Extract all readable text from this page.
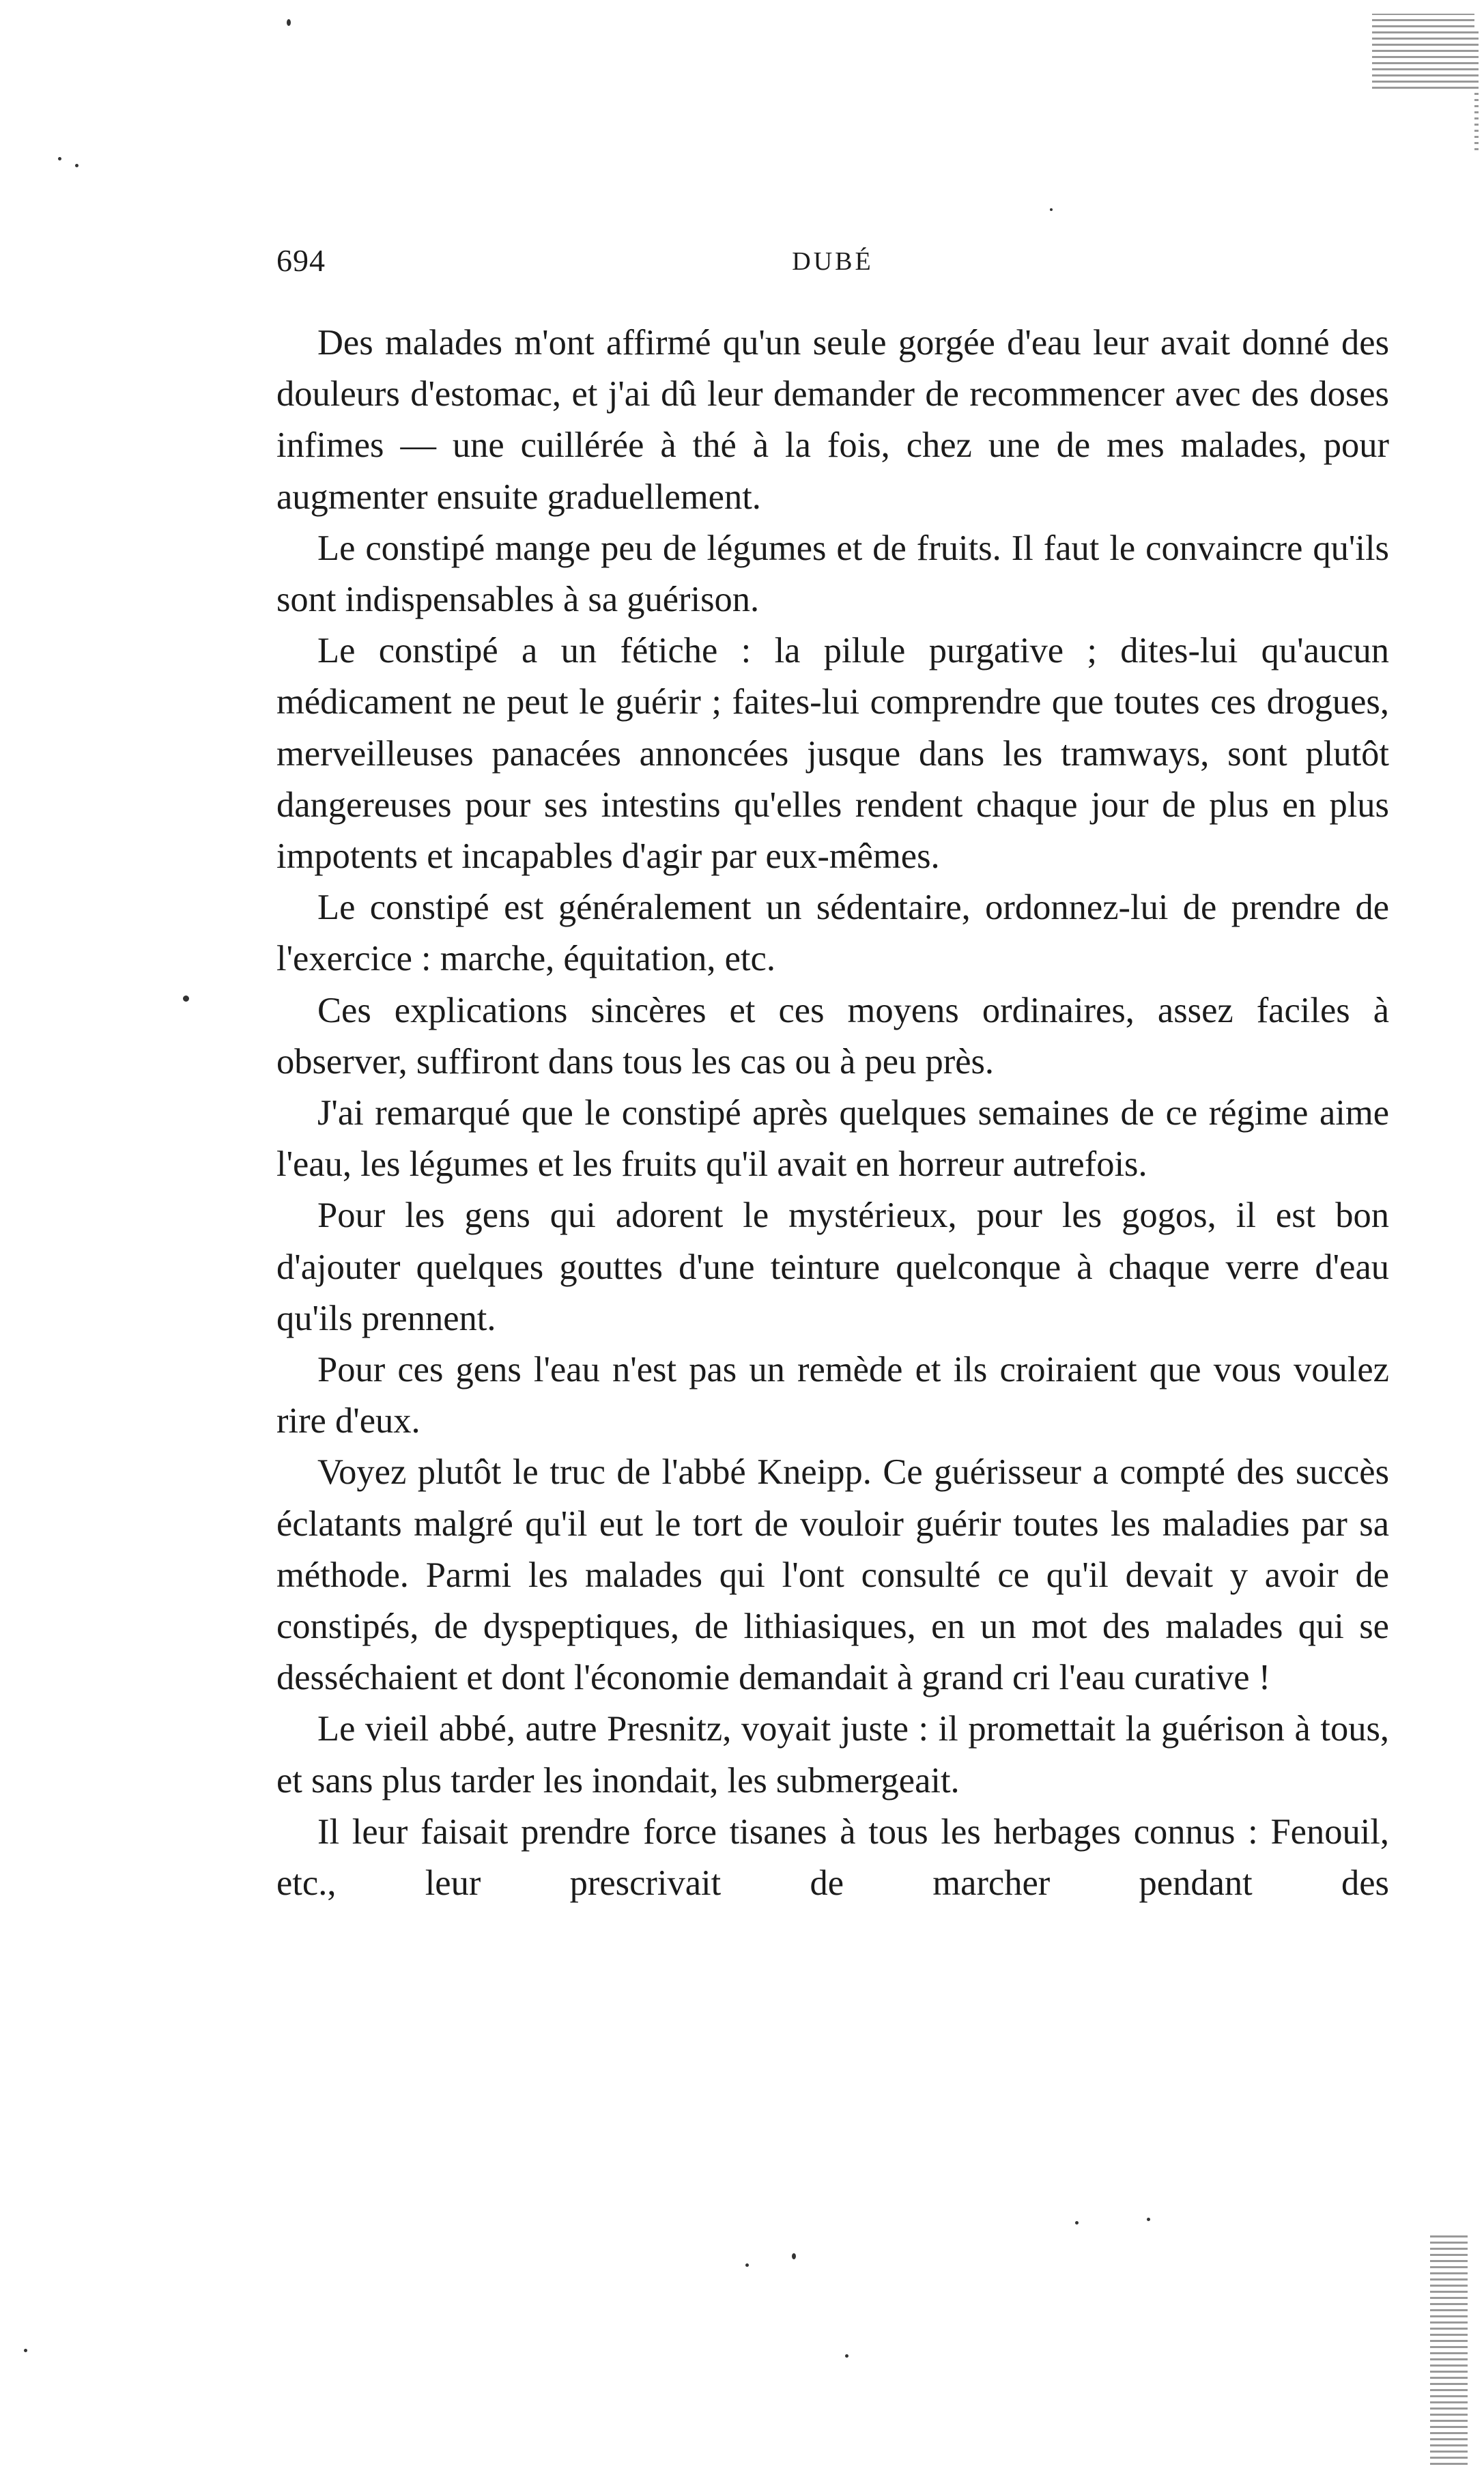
694	DUBÉ

Des malades m'ont affirmé qu'un seule gorgée d'eau leur avait donné des douleurs d'estomac, et j'ai dû leur demander de recommencer avec des doses infimes — une cuillérée à thé à la fois, chez une de mes malades, pour augmenter ensuite graduellement.

Le constipé mange peu de légumes et de fruits. Il faut le convaincre qu'ils sont indispensables à sa guérison.

Le constipé a un fétiche : la pilule purgative ; dites-lui qu'aucun médicament ne peut le guérir ; faites-lui comprendre que toutes ces drogues, merveilleuses panacées annoncées jusque dans les tramways, sont plutôt dangereuses pour ses intestins qu'elles rendent chaque jour de plus en plus impotents et incapables d'agir par eux-mêmes.

Le constipé est généralement un sédentaire, ordonnez-lui de prendre de l'exercice : marche, équitation, etc.

Ces explications sincères et ces moyens ordinaires, assez faciles à observer, suffiront dans tous les cas ou à peu près.

J'ai remarqué que le constipé après quelques semaines de ce régime aime l'eau, les légumes et les fruits qu'il avait en horreur autrefois.

Pour les gens qui adorent le mystérieux, pour les gogos, il est bon d'ajouter quelques gouttes d'une teinture quelconque à chaque verre d'eau qu'ils prennent.

Pour ces gens l'eau n'est pas un remède et ils croiraient que vous voulez rire d'eux.

Voyez plutôt le truc de l'abbé Kneipp. Ce guérisseur a compté des succès éclatants malgré qu'il eut le tort de vouloir guérir toutes les maladies par sa méthode. Parmi les malades qui l'ont consulté ce qu'il devait y avoir de constipés, de dyspeptiques, de lithiasiques, en un mot des malades qui se desséchaient et dont l'économie demandait à grand cri l'eau curative !

Le vieil abbé, autre Presnitz, voyait juste : il promettait la guérison à tous, et sans plus tarder les inondait, les submergeait.

Il leur faisait prendre force tisanes à tous les herbages connus : Fenouil, etc., leur prescrivait de marcher pendant des
